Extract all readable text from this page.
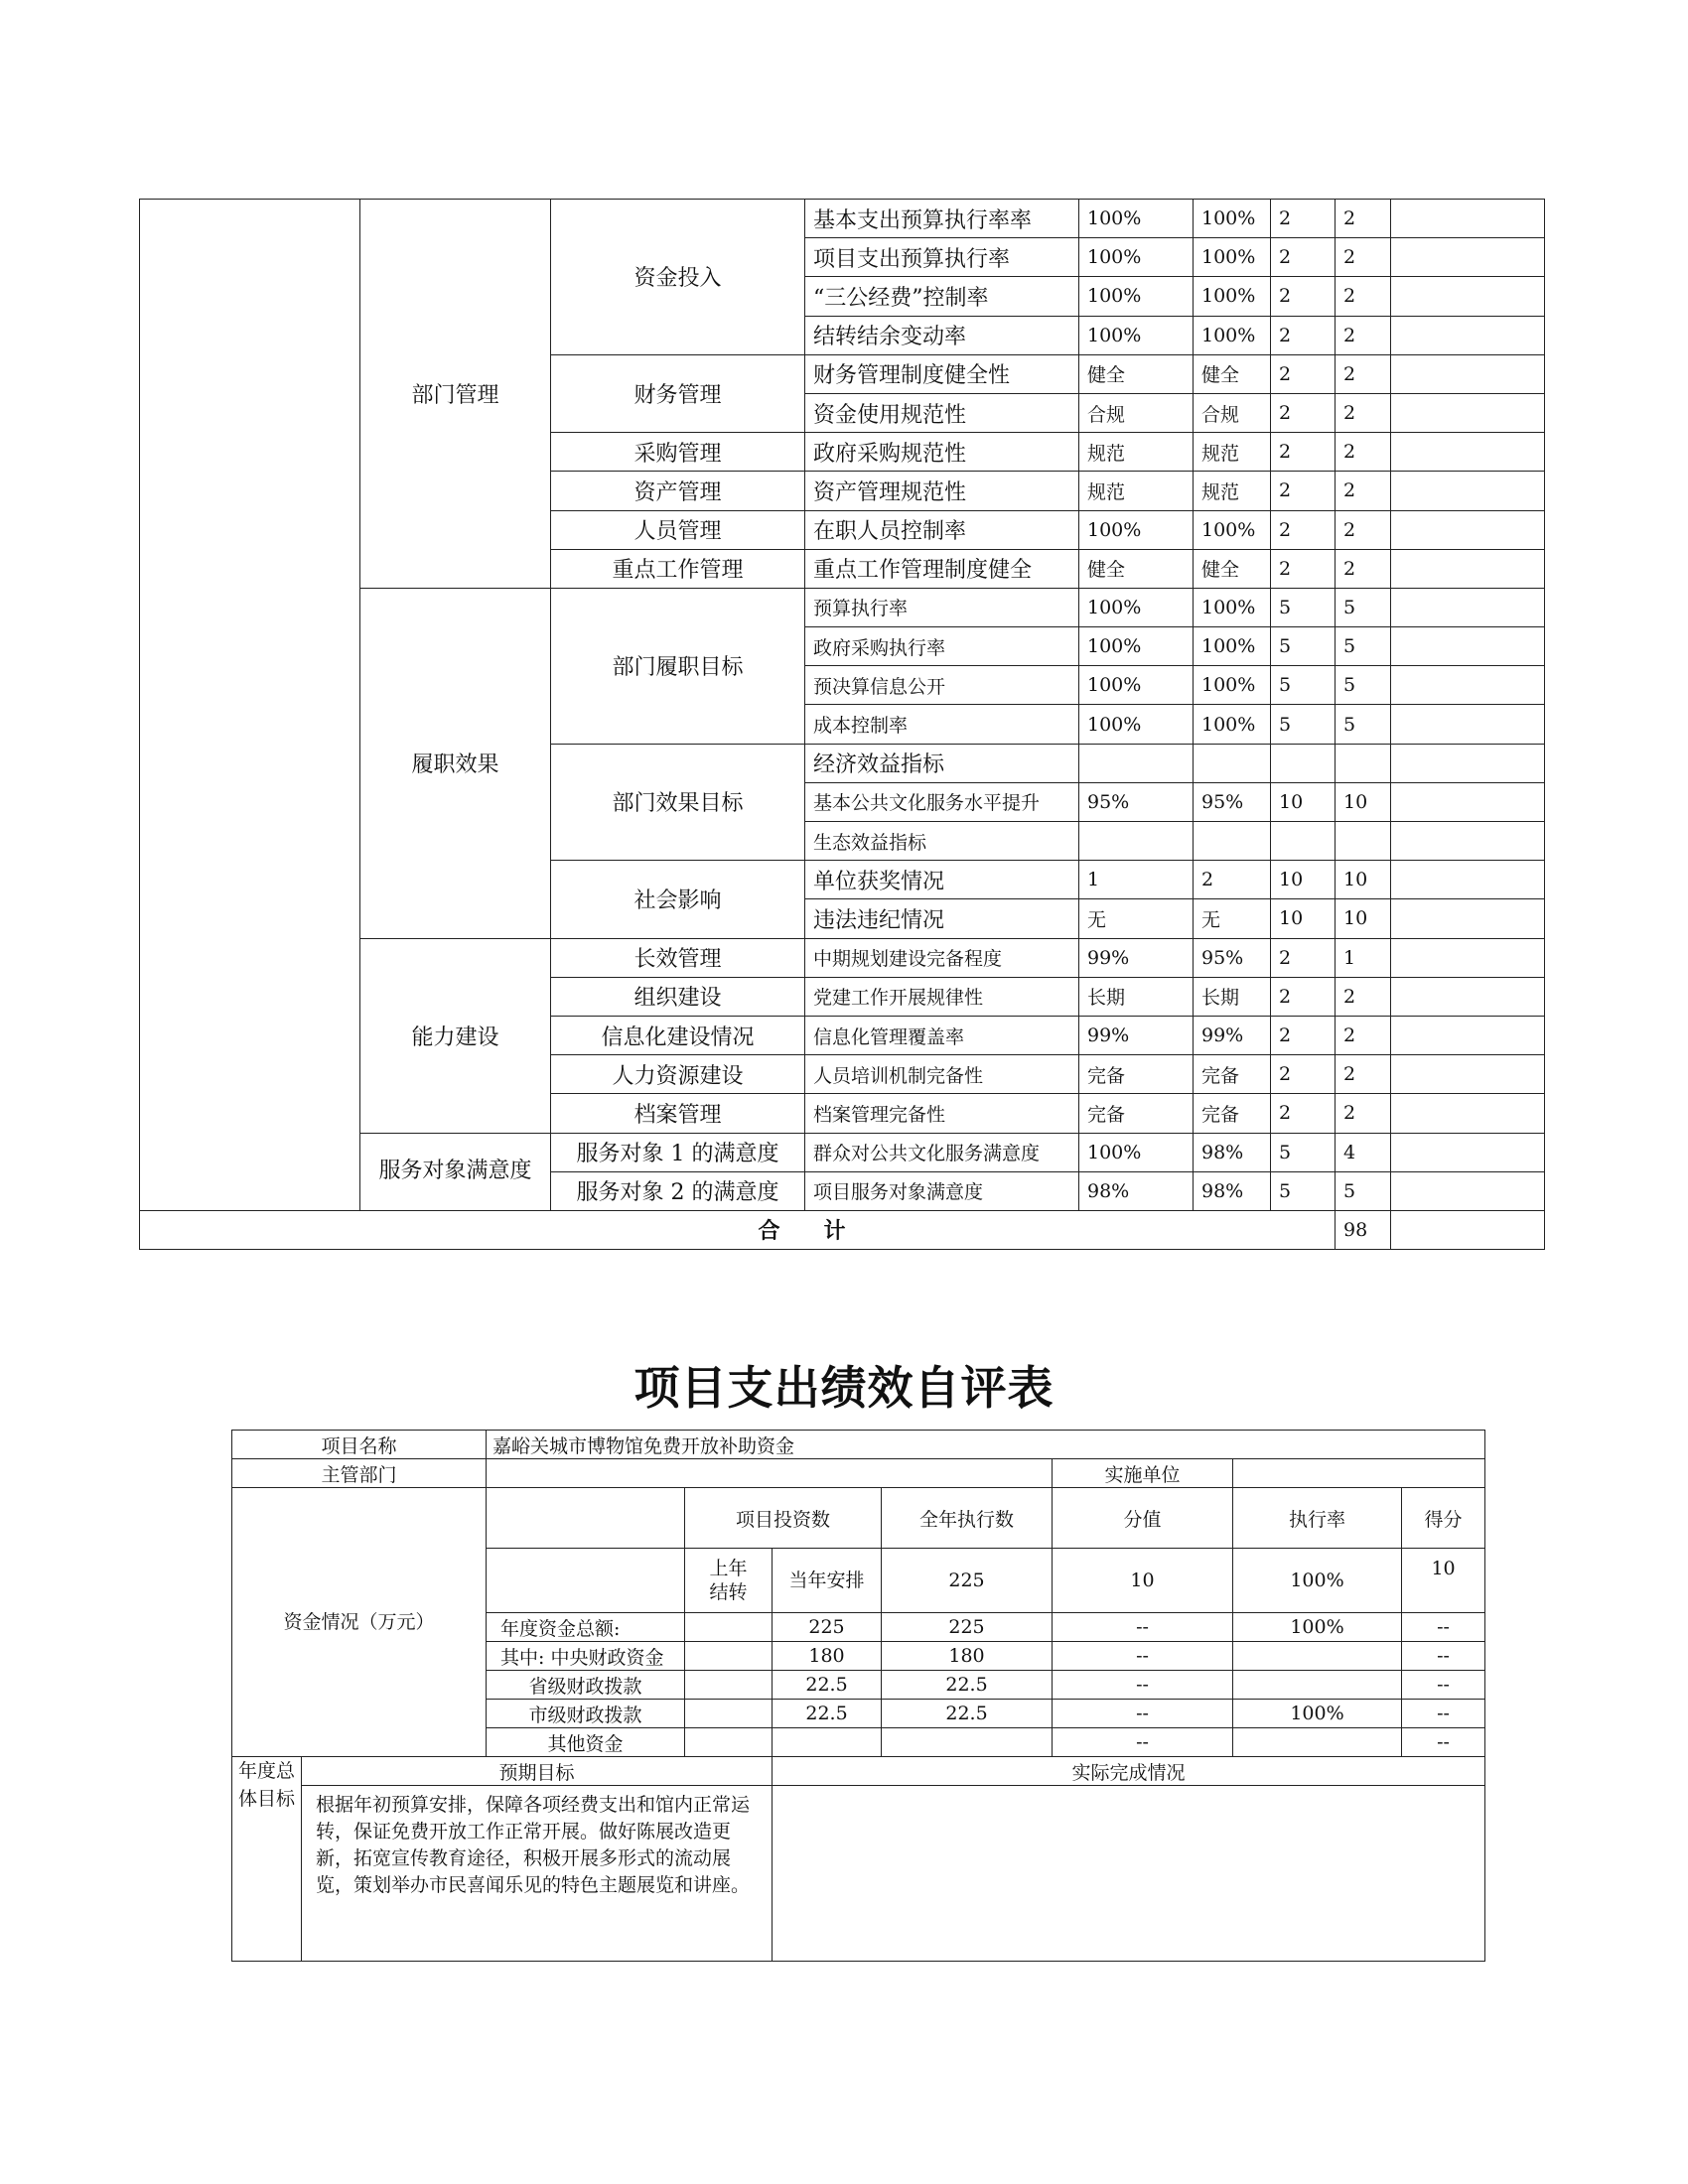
	部门管理	资金投入	基本支出预算执行率率	100%	100%	2	2	
			项目支出预算执行率	100%	100%	2	2	
			“三公经费”控制率	100%	100%	2	2	
			结转结余变动率	100%	100%	2	2	
		财务管理	财务管理制度健全性	健全	健全	2	2	
			资金使用规范性	合规	合规	2	2	
		采购管理	政府采购规范性	规范	规范	2	2	
		资产管理	资产管理规范性	规范	规范	2	2	
		人员管理	在职人员控制率	100%	100%	2	2	
		重点工作管理	重点工作管理制度健全	健全	健全	2	2	
	履职效果	部门履职目标	预算执行率	100%	100%	5	5	
			政府采购执行率	100%	100%	5	5	
			预决算信息公开	100%	100%	5	5	
			成本控制率	100%	100%	5	5	
		部门效果目标	经济效益指标					
			基本公共文化服务水平提升	95%	95%	10	10	
			生态效益指标					
		社会影响	单位获奖情况	1	2	10	10	
			违法违纪情况	无	无	10	10	
	能力建设	长效管理	中期规划建设完备程度	99%	95%	2	1	
		组织建设	党建工作开展规律性	长期	长期	2	2	
		信息化建设情况	信息化管理覆盖率	99%	99%	2	2	
		人力资源建设	人员培训机制完备性	完备	完备	2	2	
		档案管理	档案管理完备性	完备	完备	2	2	
	服务对象满意度	服务对象 1 的满意度	群众对公共文化服务满意度	100%	98%	5	4	
		服务对象 2 的满意度	项目服务对象满意度	98%	98%	5	5	
合　　计							98	
项目支出绩效自评表
项目名称		嘉峪关城市博物馆免费开放补助资金						
主管部门						实施单位		
资金情况（万元）			项目投资数		全年执行数	分值	执行率	得分
			上年结转	当年安排	225	10	100%	10
		年度资金总额:		225	225	--	100%	--
		其中: 中央财政资金		180	180	--		--
		省级财政拨款		22.5	22.5	--		--
		市级财政拨款		22.5	22.5	--	100%	--
		其他资金				--		--
年度总体目标	预期目标			实际完成情况				
	根据年初预算安排，保障各项经费支出和馆内正常运转，保证免费开放工作正常开展。做好陈展改造更新，拓宽宣传教育途径，积极开展多形式的流动展览，策划举办市民喜闻乐见的特色主题展览和讲座。							
